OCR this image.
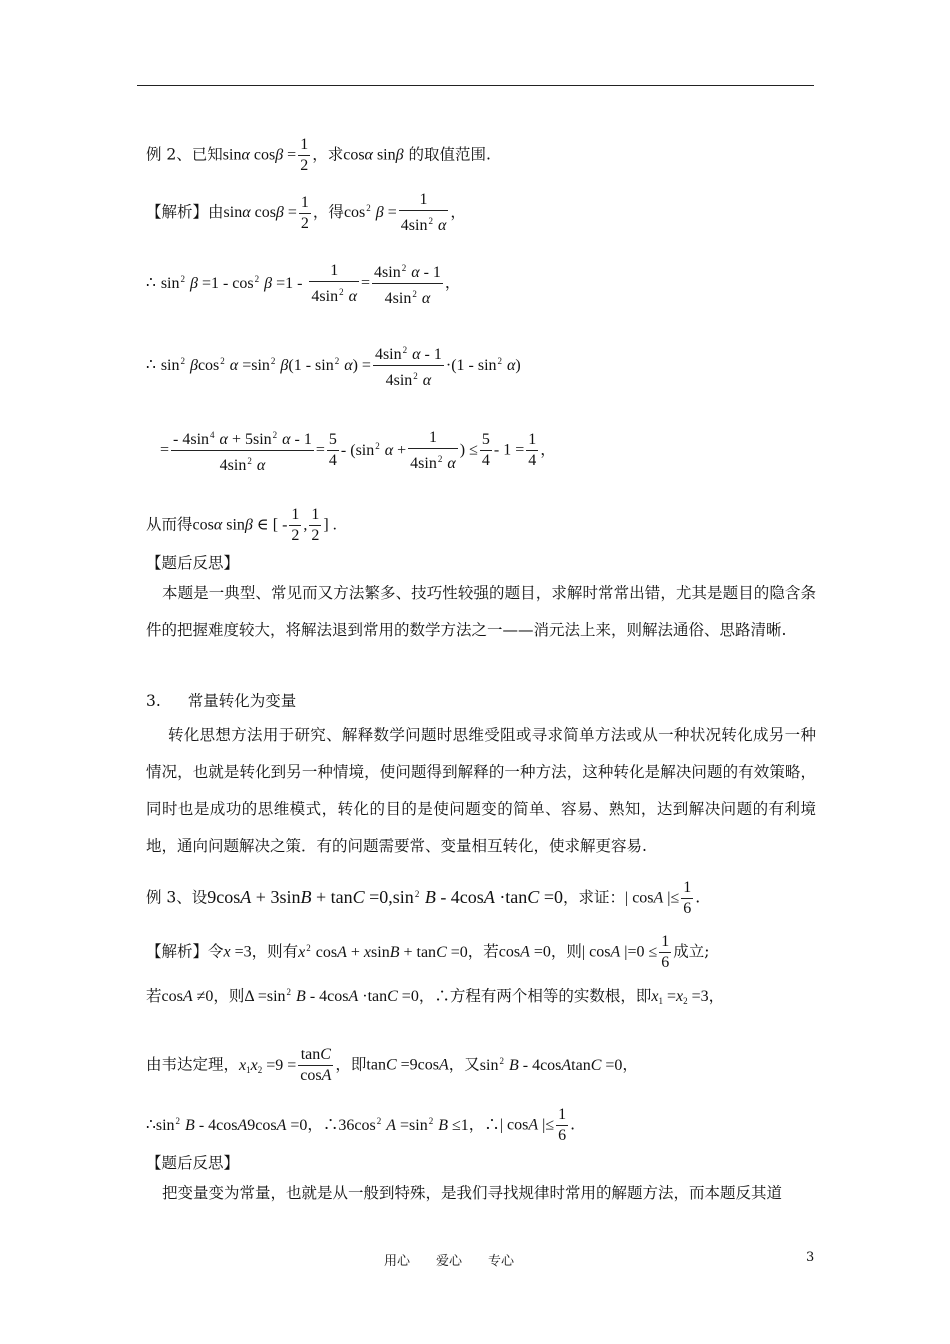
例 2、已知sinα $\cos\beta = \frac{1}{2}$ ，求cosα sinβ 的取值范围.
【解析】由sinα $\cos\beta = \frac{1}{2}$ ，得$\cos^2 \beta = \frac{1}{4\sin^2 \alpha}$ ，
∴ $\sin^2 \beta =1 - \cos^2 \beta =1 - \frac{1}{4\sin^2 \alpha} = \frac{4\sin^2 \alpha - 1}{4\sin^2 \alpha}$ ，
∴ $\sin^2 \beta\cos^2$ $\alpha =\sin^2$ $\beta(1 - \sin^2 \alpha) = \frac{4\sin^2 \alpha - 1}{4\sin^2 \alpha} \cdot(1 - \sin^2 \alpha)$
= $\frac{- 4\sin^4 \alpha + 5\sin^2 \alpha - 1}{4\sin^2 \alpha} = \frac{5}{4} - (\sin^2$ $\alpha + \frac{1}{4\sin^2 \alpha}$ ) ≤ $\frac{5}{4} - 1 = \frac{1}{4}$ ，
从而得cosα sinβ ∈ [ - $\frac{1}{2}$ , $\frac{1}{2}$ ] .
【题后反思】
本题是一典型、常见而又方法繁多、技巧性较强的题目，求解时常常出错，尤其是题目的隐含条件的把握难度较大，将解法退到常用的数学方法之一——消元法上来，则解法通俗、思路清晰.
3. 常量转化为变量
转化思想方法用于研究、解释数学问题时思维受阻或寻求简单方法或从一种状况转化成另一种情况，也就是转化到另一种情境，使问题得到解释的一种方法，这种转化是解决问题的有效策略，同时也是成功的思维模式，转化的目的是使问题变的简单、容易、熟知，达到解决问题的有利境地，通向问题解决之策．有的问题需要常、变量相互转化，使求解更容易.
例 3、设$9\cos A + 3\sin B + \tan C =0,\sin^2$ B - 4cosA ·tanC =0，求证：| cosA |≤ $\frac{1}{6}$ .
【解析】令x =3，则有$x^2$ cosA + xsinB + tanC =0，若cosA =0，则| cosA $|=0 \le \frac{1}{6}$ 成立;
若cosA ≠0，则$\Delta =\sin^2$ B - 4cosA ·tanC =0，∴方程有两个相等的实数根，即$x_1 =x_2 =3$，
由韦达定理，$x_1x_2 =9 = \frac{\tan C}{\cos A}$ ，即tanC =9cosA，又$\sin^2 B$ - 4cosAtanC =0，
$\therefore\sin^2$ B - 4cosA9cosA =0，$\therefore 36\cos^2$ $A =\sin^2$ B ≤1，∴| cosA |≤ $\frac{1}{6}$ .
【题后反思】
把变量变为常量，也就是从一般到特殊，是我们寻找规律时常用的解题方法，而本题反其道
用心　　爱心　　专心	3
